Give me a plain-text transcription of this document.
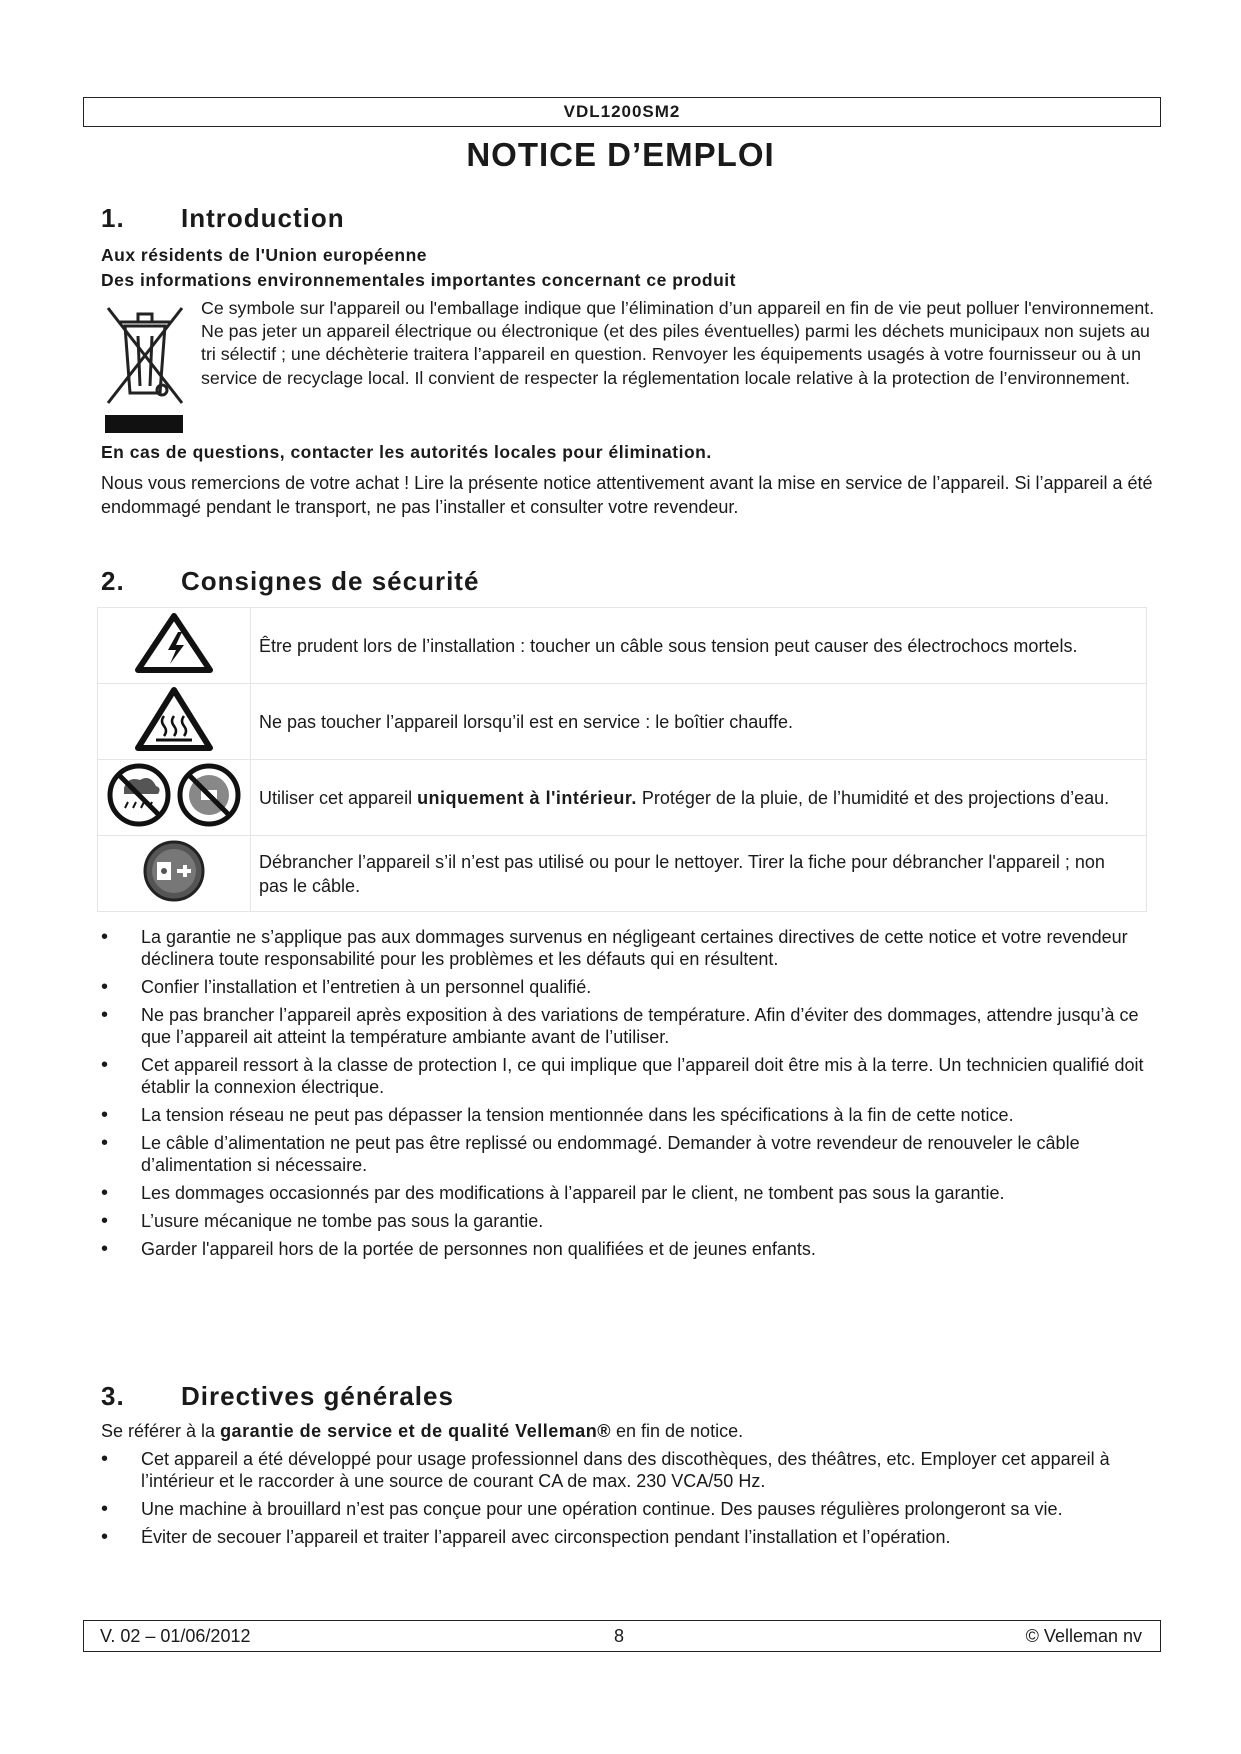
VDL1200SM2
NOTICE D’EMPLOI
1. Introduction
Aux résidents de l'Union européenne
Des informations environnementales importantes concernant ce produit
Ce symbole sur l'appareil ou l'emballage indique que l’élimination d’un appareil en fin de vie peut polluer l'environnement. Ne pas jeter un appareil électrique ou électronique (et des piles éventuelles) parmi les déchets municipaux non sujets au tri sélectif ; une déchèterie traitera l’appareil en question. Renvoyer les équipements usagés à votre fournisseur ou à un service de recyclage local. Il convient de respecter la réglementation locale relative à la protection de l’environnement.
En cas de questions, contacter les autorités locales pour élimination.
Nous vous remercions de votre achat ! Lire la présente notice attentivement avant la mise en service de l’appareil. Si l’appareil a été endommagé pendant le transport, ne pas l’installer et consulter votre revendeur.
2. Consignes de sécurité
	Être prudent lors de l’installation : toucher un câble sous tension peut causer des électrochocs mortels.
	Ne pas toucher l’appareil lorsqu’il est en service : le boîtier chauffe.
	Utiliser cet appareil uniquement à l'intérieur. Protéger de la pluie, de l’humidité et des projections d’eau.
	Débrancher l’appareil s’il n’est pas utilisé ou pour le nettoyer. Tirer la fiche pour débrancher l'appareil ; non pas le câble.
• La garantie ne s’applique pas aux dommages survenus en négligeant certaines directives de cette notice et votre revendeur déclinera toute responsabilité pour les problèmes et les défauts qui en résultent.
• Confier l’installation et l’entretien à un personnel qualifié.
• Ne pas brancher l’appareil après exposition à des variations de température. Afin d’éviter des dommages, attendre jusqu’à ce que l’appareil ait atteint la température ambiante avant de l’utiliser.
• Cet appareil ressort à la classe de protection I, ce qui implique que l’appareil doit être mis à la terre. Un technicien qualifié doit établir la connexion électrique.
• La tension réseau ne peut pas dépasser la tension mentionnée dans les spécifications à la fin de cette notice.
• Le câble d’alimentation ne peut pas être replissé ou endommagé. Demander à votre revendeur de renouveler le câble d’alimentation si nécessaire.
• Les dommages occasionnés par des modifications à l’appareil par le client, ne tombent pas sous la garantie.
• L’usure mécanique ne tombe pas sous la garantie.
• Garder l'appareil hors de la portée de personnes non qualifiées et de jeunes enfants.
3. Directives générales
Se référer à la garantie de service et de qualité Velleman® en fin de notice.
• Cet appareil a été développé pour usage professionnel dans des discothèques, des théâtres, etc. Employer cet appareil à l’intérieur et le raccorder à une source de courant CA de max. 230 VCA/50 Hz.
• Une machine à brouillard n’est pas conçue pour une opération continue. Des pauses régulières prolongeront sa vie.
• Éviter de secouer l’appareil et traiter l’appareil avec circonspection pendant l’installation et l’opération.
V. 02 – 01/06/2012	8	© Velleman nv
